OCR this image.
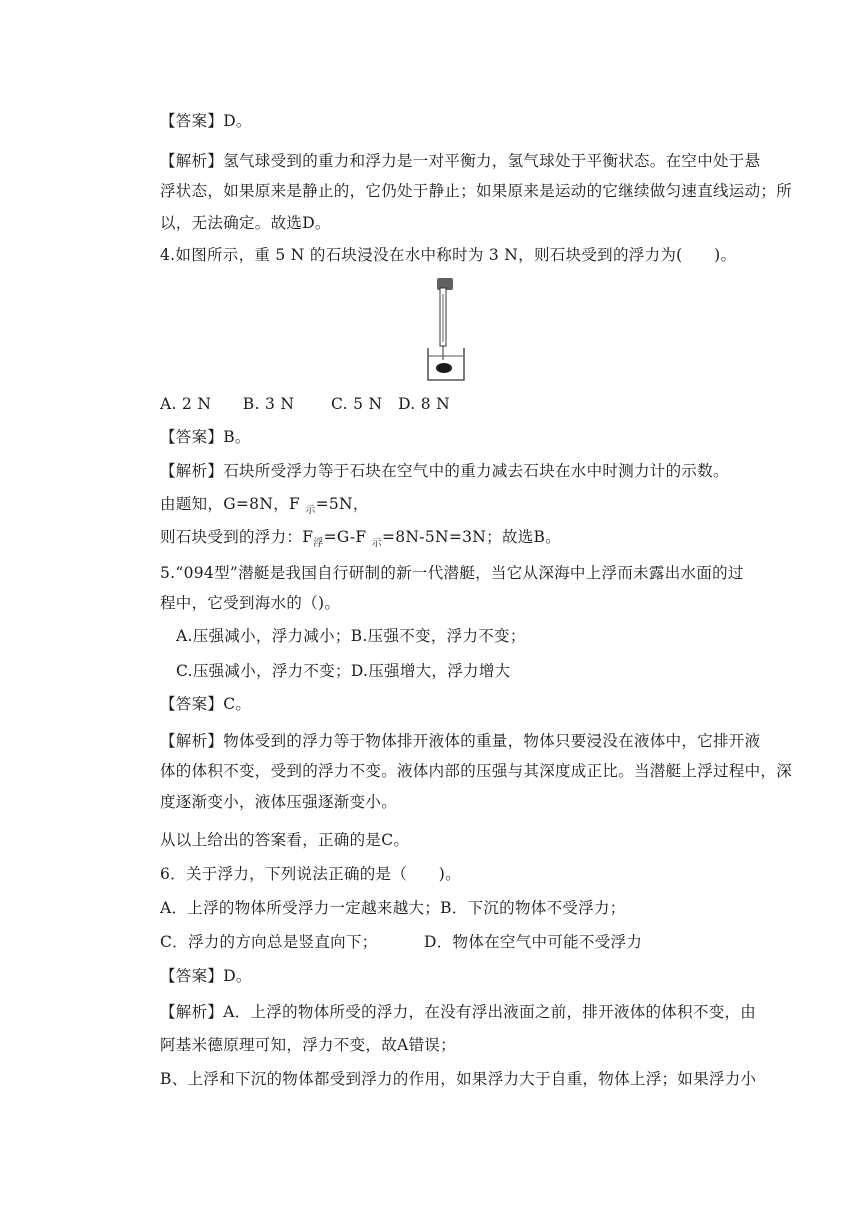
【答案】D。
【解析】氢气球受到的重力和浮力是一对平衡力，氢气球处于平衡状态。在空中处于悬
浮状态，如果原来是静止的，它仍处于静止；如果原来是运动的它继续做匀速直线运动；所
以，无法确定。故选D。
4.如图所示，重 5 N 的石块浸没在水中称时为 3 N，则石块受到的浮力为(　　)。
A. 2 N　　B. 3 N　　 C. 5 N　D. 8 N
【答案】B。
【解析】石块所受浮力等于石块在空气中的重力减去石块在水中时测力计的示数。
由题知，G=8N，F $_示$=5N，
则石块受到的浮力：$F_浮=G-F$ $_示$=8N-5N=3N；故选B。
5.“094型”潜艇是我国自行研制的新一代潜艇，当它从深海中上浮而未露出水面的过
程中，它受到海水的（)。
A.压强减小，浮力减小；B.压强不变，浮力不变；
C.压强减小，浮力不变；D.压强增大，浮力增大
【答案】C。
【解析】物体受到的浮力等于物体排开液体的重量，物体只要浸没在液体中，它排开液
体的体积不变，受到的浮力不变。液体内部的压强与其深度成正比。当潜艇上浮过程中，深
度逐渐变小，液体压强逐渐变小。
从以上给出的答案看，正确的是C。
6．关于浮力，下列说法正确的是（　　)。
A．上浮的物体所受浮力一定越来越大；B．下沉的物体不受浮力；
C．浮力的方向总是竖直向下；	D．物体在空气中可能不受浮力
【答案】D。
【解析】A．上浮的物体所受的浮力，在没有浮出液面之前，排开液体的体积不变，由
阿基米德原理可知，浮力不变，故A错误；
B、上浮和下沉的物体都受到浮力的作用，如果浮力大于自重，物体上浮；如果浮力小
